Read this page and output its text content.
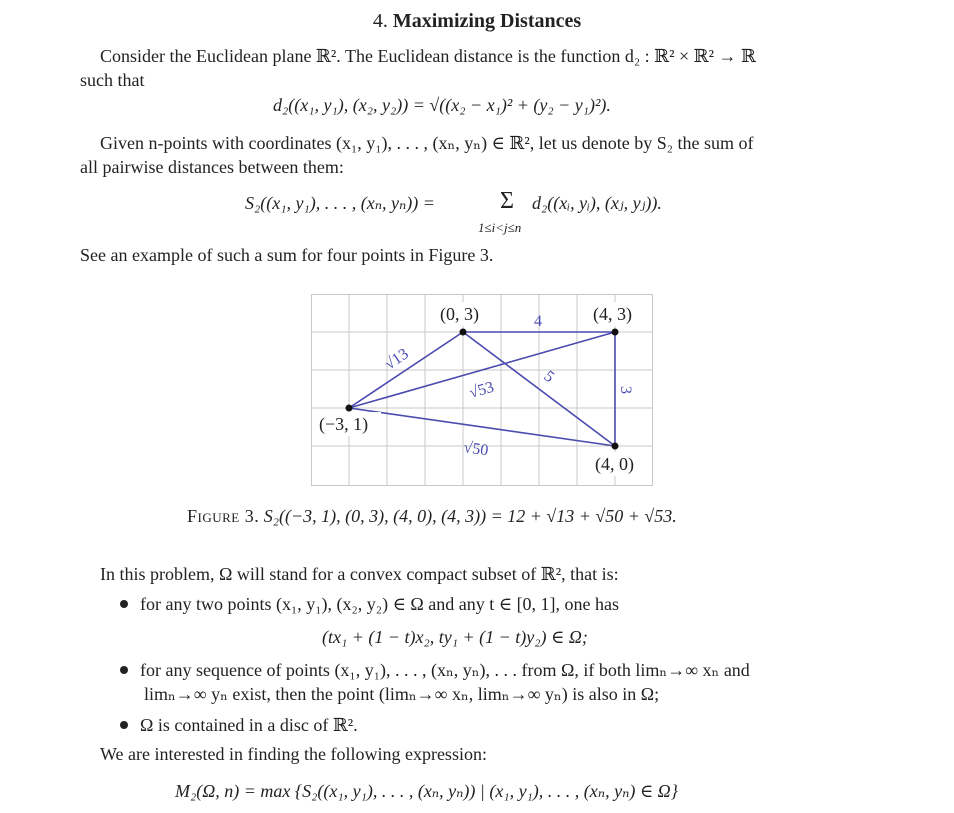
4. Maximizing Distances
Consider the Euclidean plane ℝ². The Euclidean distance is the function d₂ : ℝ² × ℝ² → ℝ
such that
d₂((x₁, y₁), (x₂, y₂)) = √((x₂ − x₁)² + (y₂ − y₁)²).
Given n-points with coordinates (x₁, y₁), . . . , (xₙ, yₙ) ∈ ℝ², let us denote by S₂ the sum of
all pairwise distances between them:
S₂((x₁, y₁), . . . , (xₙ, yₙ)) =	Σ
1≤i<j≤n
d₂((xᵢ, yᵢ), (xⱼ, yⱼ)).
See an example of such a sum for four points in Figure 3.
(0, 3)	(4, 3)
(−3, 1)
(4, 0)
4
√13
√53
5
3
√50
Figure 3. S₂((−3, 1), (0, 3), (4, 0), (4, 3)) = 12 + √13 + √50 + √53.
In this problem, Ω will stand for a convex compact subset of ℝ², that is:
for any two points (x₁, y₁), (x₂, y₂) ∈ Ω and any t ∈ [0, 1], one has
(tx₁ + (1 − t)x₂, ty₁ + (1 − t)y₂) ∈ Ω;
for any sequence of points (x₁, y₁), . . . , (xₙ, yₙ), . . . from Ω, if both limₙ→∞ xₙ and
limₙ→∞ yₙ exist, then the point (limₙ→∞ xₙ, limₙ→∞ yₙ) is also in Ω;
Ω is contained in a disc of ℝ².
We are interested in finding the following expression:
M₂(Ω, n) = max {S₂((x₁, y₁), . . . , (xₙ, yₙ)) | (x₁, y₁), . . . , (xₙ, yₙ) ∈ Ω}
